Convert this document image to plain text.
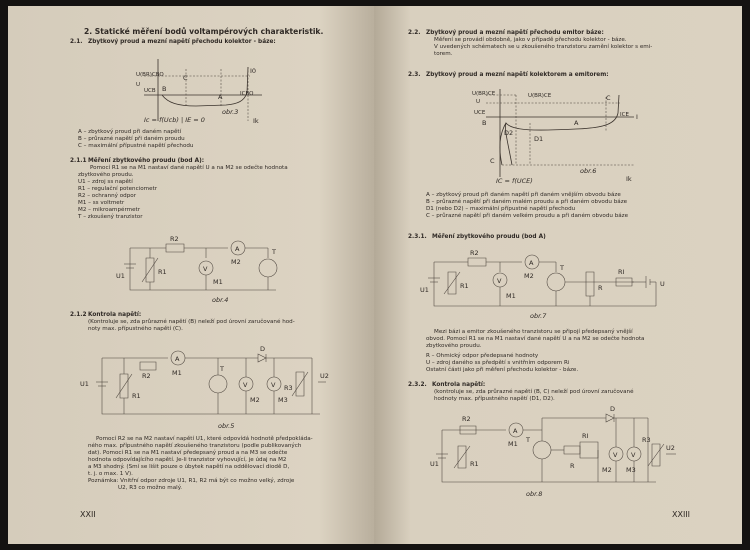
2. Statické měření bodů voltampérových charakteristik.
2.1. Zbytkový proud a mezní napětí přechodu kolektor - báze:
U(BR)CBO
U
C
A
B
I0
ICBO
Ik
UCB
Ic = f(Ucb) | IE = 0
obr.3
A – zbytkový proud při daném napětí
B – průrazné napětí při daném proudu
C – maximální přípustné napětí přechodu
2.1.1 Měření zbytkového proudu (bod A):
Pomocí R1 se na M1 nastaví dané napětí U a na M2 se odečte hodnota
zbytkového proudu.
U1 – zdroj ss napětí
R1 – regulační potenciometr
R2 – ochranný odpor
M1 – ss voltmetr
M2 – mikroampérmetr
T – zkoušený tranzistor
R2
A
M2
T
R1	V
M1
U1
obr.4
2.1.2 Kontrola napětí:
(Kontroluje se, zda průrazné napětí (B) neleží pod úrovní zaručované hod-
noty max. přípustného napětí (C).
R2
A
M1
D
T
V
M2
V
M3
R3
U1
U2
R1
obr.5
Pomocí R2 se na M2 nastaví napětí U1, které odpovídá hodnotě předpokláda-
ného max. přípustného napětí zkoušeného tranzistoru (podle publikovaných
dat). Pomocí R1 se na M1 nastaví předepsaný proud a na M3 se odečte
hodnota odpovídajícího napětí. Je-li tranzistor vyhovující, je údaj na M2
a M3 shodný. (Smí se lišit pouze o úbytek napětí na oddělovací diodě D,
t. j. o max. 1 V).
Poznámka: Vnitřní odpor zdroje U1, R1, R2 má být co možno velký, zdroje
U2, R3 co možno malý.
XXII
2.2. Zbytkový proud a mezní napětí přechodu emitor báze:
Měření se provádí obdobně, jako v případě přechodu kolektor - báze.
V uvedených schématech se u zkoušeného tranzistoru zamění kolektor s emi-
torem.
2.3. Zbytkový proud a mezní napětí kolektorem a emitorem:
U(BR)CE	U(BR)CE
U	C
UCE
B	A
D2
D1
ICE I
IC = f(UCE)	Ik
C
obr.6
A – zbytkový proud při daném napětí při daném vnějším obvodu báze
B – průrazné napětí při daném malém proudu a při daném obvodu báze
D1 (nebo D2) – maximální přípustné napětí přechodu
C – průrazné napětí při daném velkém proudu a při daném obvodu báze
2.3.1. Měření zbytkového proudu (bod A)
R2
A
M2
T
R1
V
M1
U1	R
RI
U
obr.7
Mezi bázi a emitor zkoušeného tranzistoru se připojí předepsaný vnější
obvod. Pomocí R1 se na M1 nastaví dané napětí U a na M2 se odečte hodnota
zbytkového proudu.
R – Ohmický odpor předepsané hodnoty
U – zdroj daného ss předpětí s vnitřním odporem Ri
Ostatní části jako při měření přechodu kolektor - báze.
2.3.2. Kontrola napětí:
(kontroluje se, zda průrazné napětí (B, C) neleží pod úrovní zaručované
hodnoty max. přípustného napětí (D1, D2).
R2
A
M1
D
T	RI
R1
V
M2
V
M3
R3
U2
R
U1
obr.8
XXIII
